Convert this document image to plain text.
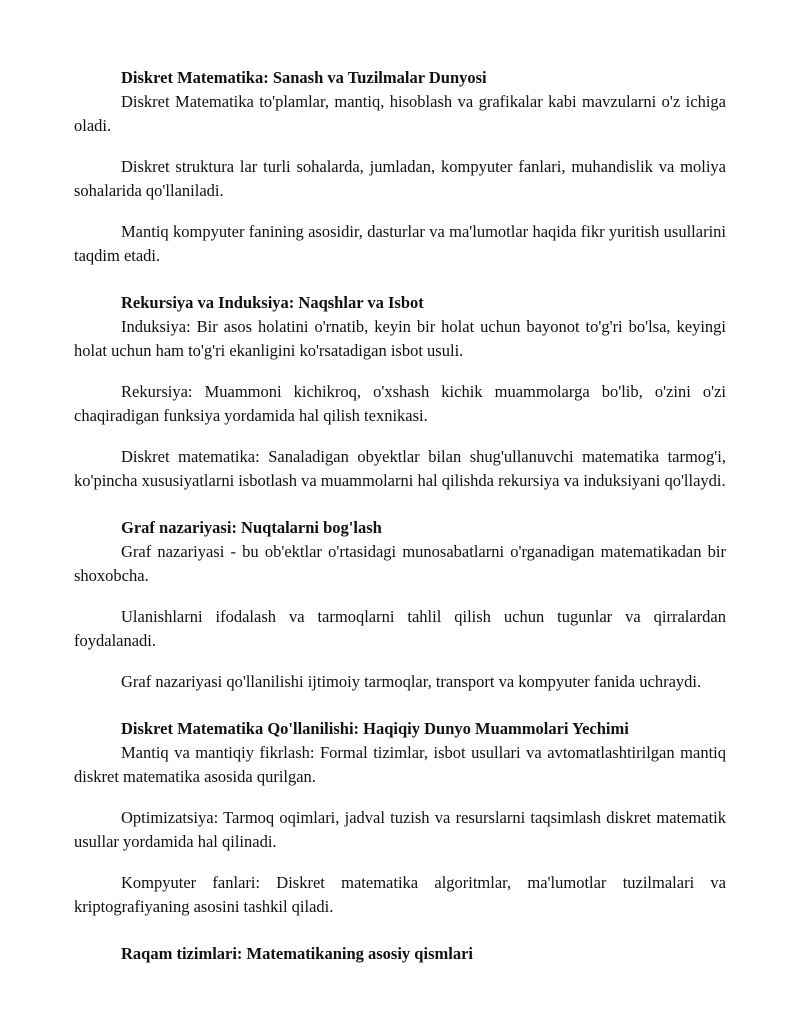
Diskret Matematika: Sanash va Tuzilmalar Dunyosi

Diskret Matematika to'plamlar, mantiq, hisoblash va grafikalar kabi mavzularni o'z ichiga oladi.

Diskret struktura lar turli sohalarda, jumladan, kompyuter fanlari, muhandislik va moliya sohalarida qo'llaniladi.

Mantiq kompyuter fanining asosidir, dasturlar va ma'lumotlar haqida fikr yuritish usullarini taqdim etadi.

Rekursiya va Induksiya: Naqshlar va Isbot

Induksiya: Bir asos holatini o'rnatib, keyin bir holat uchun bayonot to'g'ri bo'lsa, keyingi holat uchun ham to'g'ri ekanligini ko'rsatadigan isbot usuli.

Rekursiya: Muammoni kichikroq, o'xshash kichik muammolarga bo'lib, o'zini o'zi chaqiradigan funksiya yordamida hal qilish texnikasi.

Diskret matematika: Sanaladigan obyektlar bilan shug'ullanuvchi matematika tarmog'i, ko'pincha xususiyatlarni isbotlash va muammolarni hal qilishda rekursiya va induksiyani qo'llaydi.

Graf nazariyasi: Nuqtalarni bog'lash

Graf nazariyasi - bu ob'ektlar o'rtasidagi munosabatlarni o'rganadigan matematikadan bir shoxobcha.

Ulanishlarni ifodalash va tarmoqlarni tahlil qilish uchun tugunlar va qirralardan foydalanadi.

Graf nazariyasi qo'llanilishi ijtimoiy tarmoqlar, transport va kompyuter fanida uchraydi.

Diskret Matematika Qo'llanilishi: Haqiqiy Dunyo Muammolari Yechimi

Mantiq va mantiqiy fikrlash: Formal tizimlar, isbot usullari va avtomatlashtirilgan mantiq diskret matematika asosida qurilgan.

Optimizatsiya: Tarmoq oqimlari, jadval tuzish va resurslarni taqsimlash diskret matematik usullar yordamida hal qilinadi.

Kompyuter fanlari: Diskret matematika algoritmlar, ma'lumotlar tuzilmalari va kriptografiyaning asosini tashkil qiladi.

Raqam tizimlari: Matematikaning asosiy qismlari
